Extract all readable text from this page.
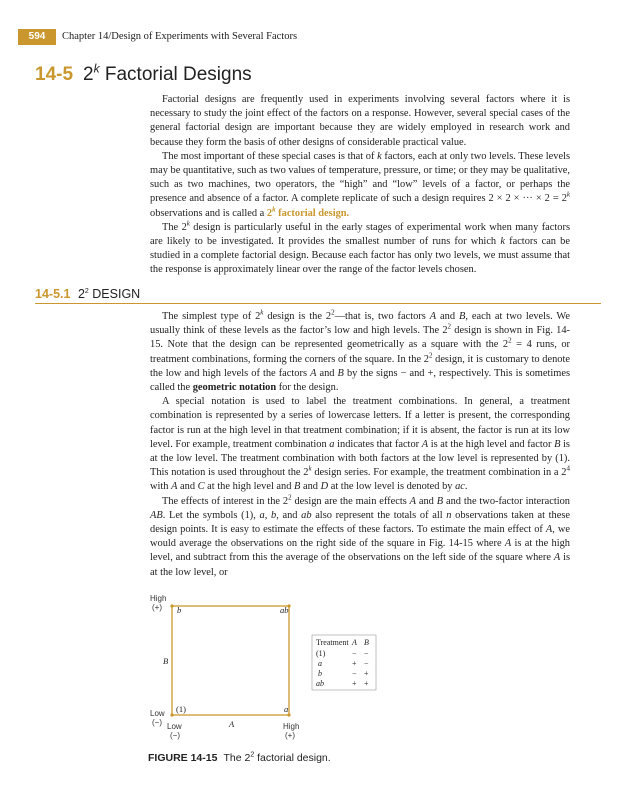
594	Chapter 14/Design of Experiments with Several Factors
14-5 2$^k$ Factorial Designs

Factorial designs are frequently used in experiments involving several factors where it is necessary to study the joint effect of the factors on a response. However, several special cases of the general factorial design are important because they are widely employed in research work and because they form the basis of other designs of considerable practical value.

The most important of these special cases is that of k factors, each at only two levels. These levels may be quantitative, such as two values of temperature, pressure, or time; or they may be qualitative, such as two machines, two operators, the “high” and “low” levels of a factor, or perhaps the presence and absence of a factor. A complete replicate of such a design requires 2 × 2 × ··· × $2 = 2^k$ observations and is called a 2$^k$ factorial design.

The 2$^k$ design is particularly useful in the early stages of experimental work when many factors are likely to be investigated. It provides the smallest number of runs for which k factors can be studied in a complete factorial design. Because each factor has only two levels, we must assume that the response is approximately linear over the range of the factor levels chosen.

14-5.1 $2^2$ DESIGN

The simplest type of 2$^k$ design is the $2^2—that$ is, two factors A and B, each at two levels. We usually think of these levels as the factor’s low and high levels. The $2^2$ design is shown in Fig. 14-15. Note that the design can be represented geometrically as a square with the $2^2 = 4$ runs, or treatment combinations, forming the corners of the square. In the $2^2$ design, it is customary to denote the low and high levels of the factors A and B by the signs − and +, respectively. This is sometimes called the geometric notation for the design.

A special notation is used to label the treatment combinations. In general, a treatment combination is represented by a series of lowercase letters. If a letter is present, the corresponding factor is run at the high level in that treatment combination; if it is absent, the factor is run at its low level. For example, treatment combination a indicates that factor A is at the high level and factor B is at the low level. The treatment combination with both factors at the low level is represented by (1). This notation is used throughout the 2$^k$ design series. For example, the treatment combination in a $2^4$ with A and C at the high level and B and D at the low level is denoted by ac.

The effects of interest in the $2^2$ design are the main effects A and B and the two-factor interaction AB. Let the symbols (1), a, b, and ab also represent the totals of all n observations taken at these design points. It is easy to estimate the effects of these factors. To estimate the main effect of A, we would average the observations on the right side of the square in Fig. 14-15 where A is at the high level, and subtract from this the average of the observations on the left side of the square where A is at the low level, or

High
(+)
Low
(−) Low
(−)
High
(+)
b	ab
a
B
A
(1)
Treatment A B
(1)	− −
a	+ −
b	− +
ab	+ +
FIGURE 14-15 The $2^2$ factorial design.
